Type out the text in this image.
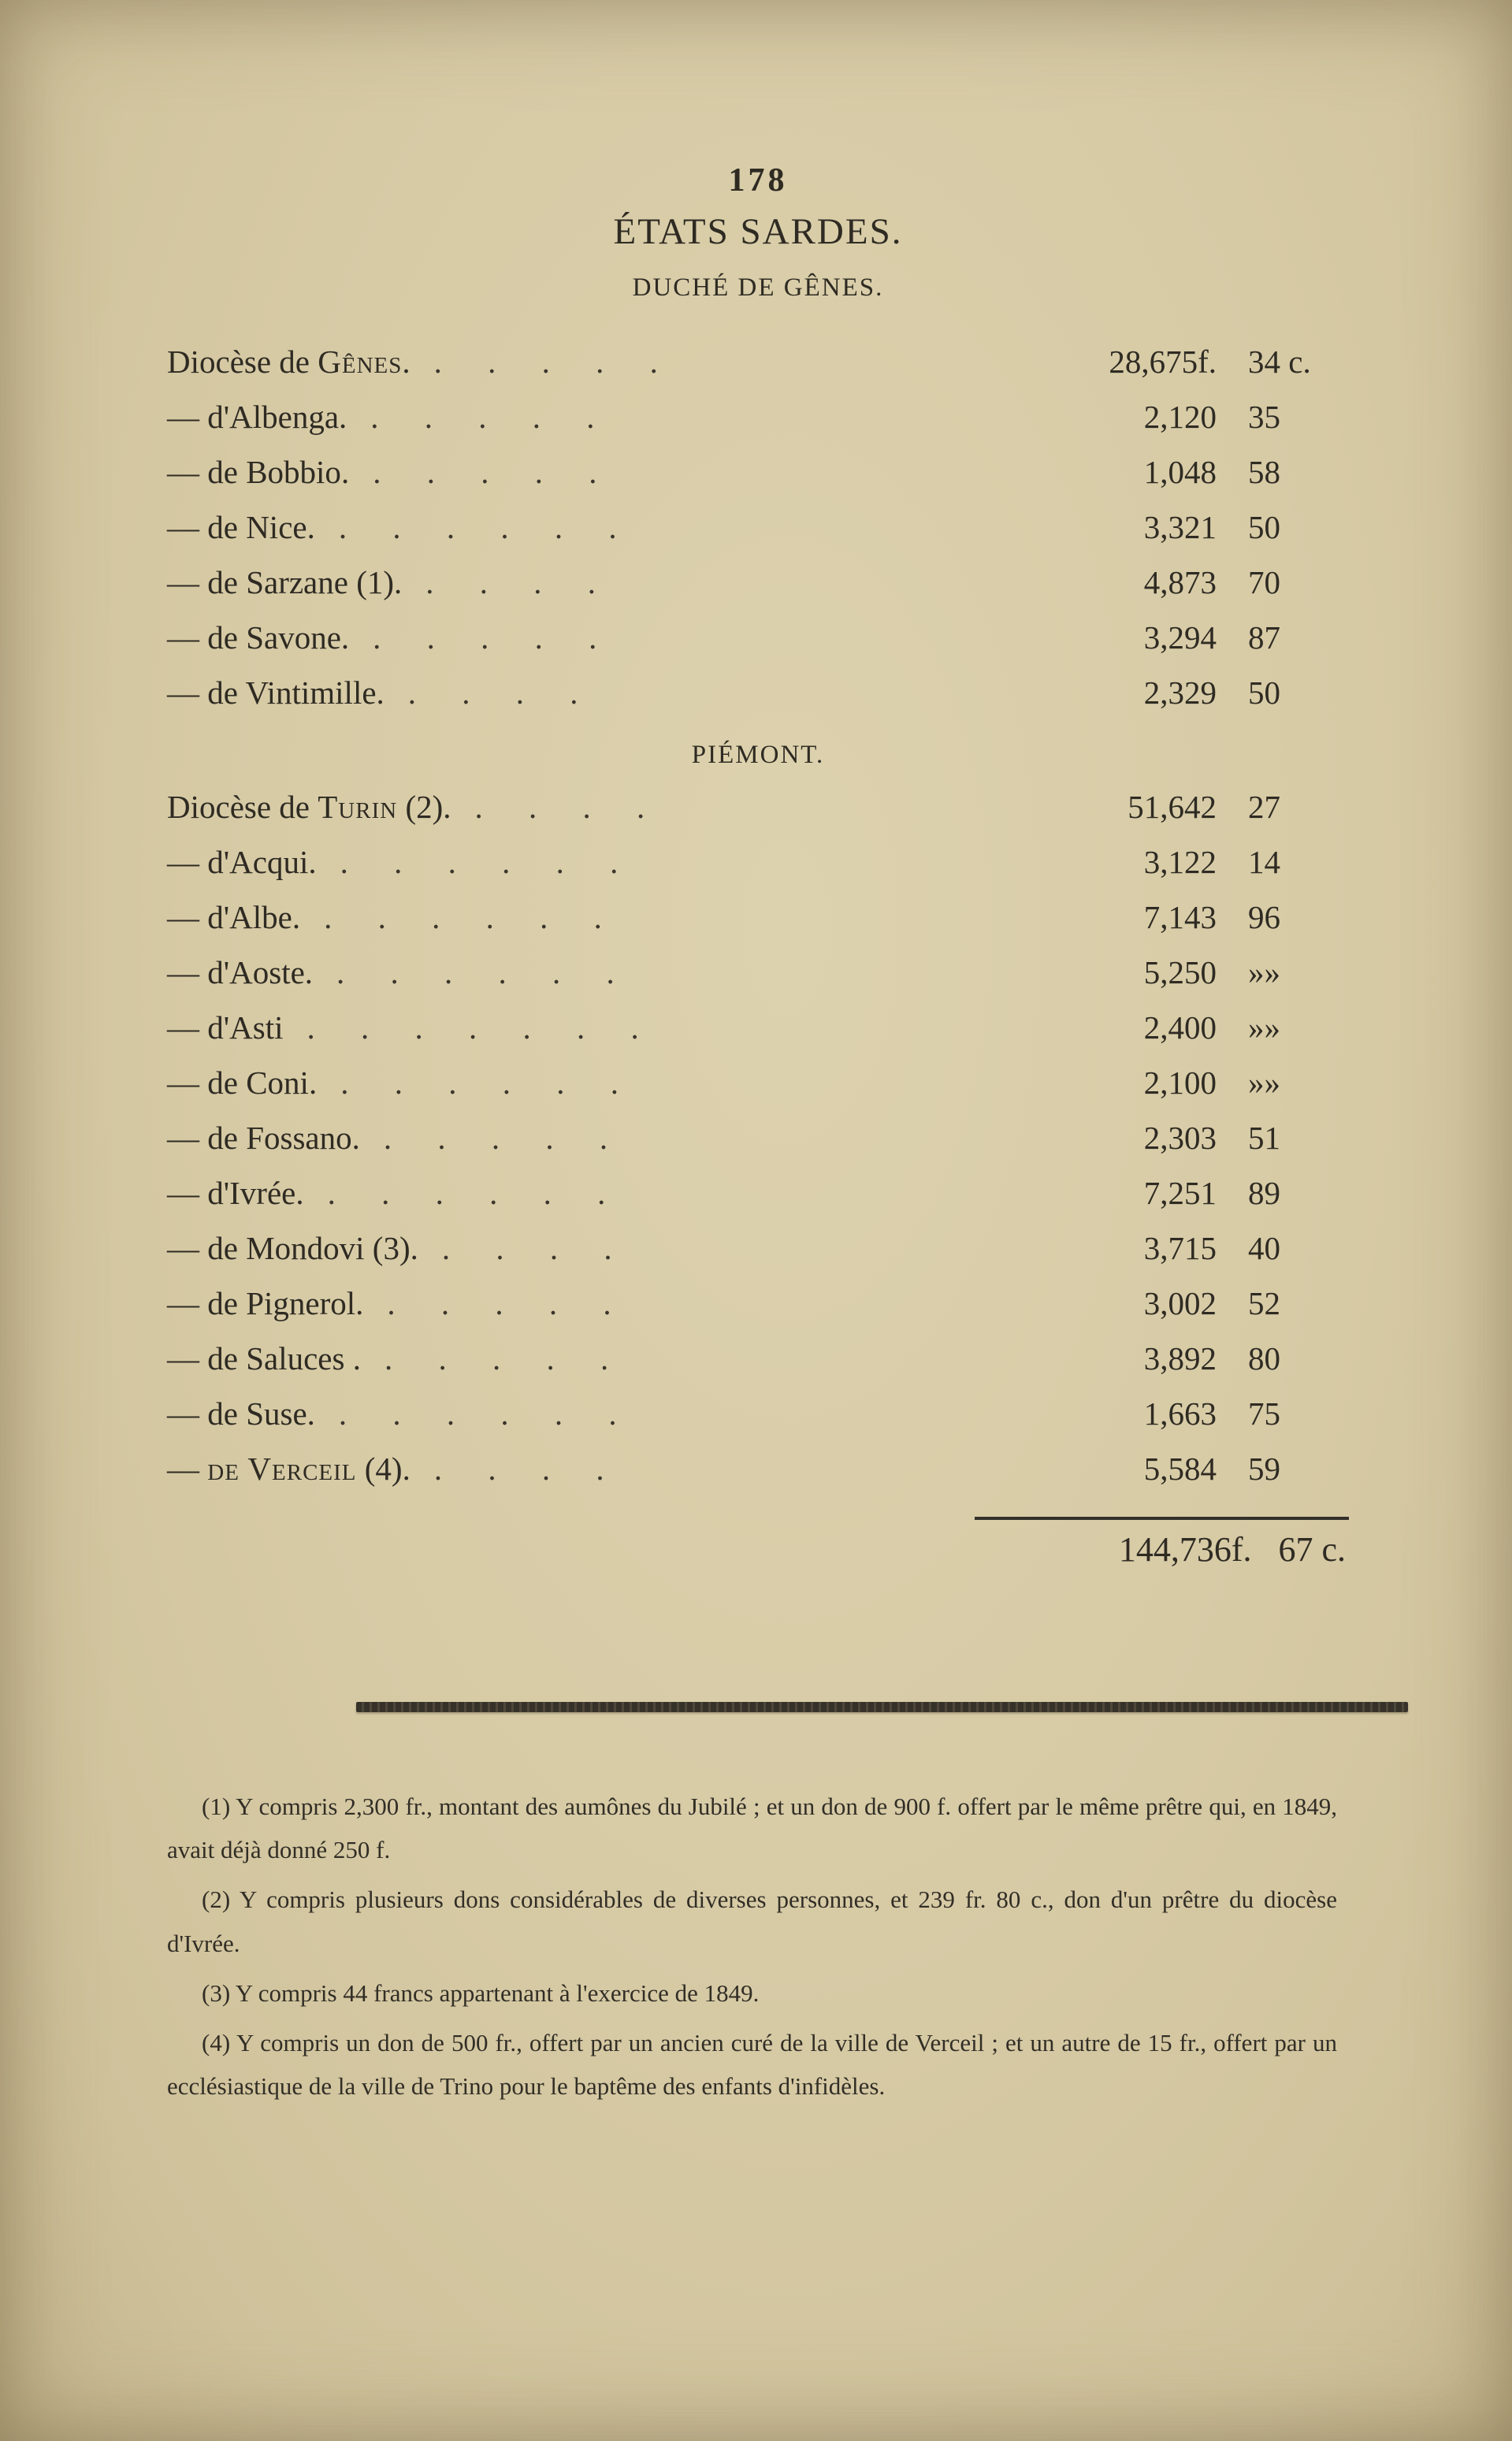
178
ÉTATS SARDES.
DUCHÉ DE GÊNES.
Diocèse de Gênes. . . . . .	28,675f. 34 c.
— d'Albenga. . . . . .	2,120 35
— de Bobbio. . . . . .	1,048 58
— de Nice. . . . . . .	3,321 50
— de Sarzane (1). . . . .	4,873 70
— de Savone. . . . . .	3,294 87
— de Vintimille. . . . .	2,329 50
PIÉMONT.
Diocèse de Turin (2). . . . .	51,642 27
— d'Acqui. . . . . . .	3,122 14
— d'Albe. . . . . . .	7,143 96
— d'Aoste. . . . . . .	5,250 »»
— d'Asti . . . . . . .	2,400 »»
— de Coni. . . . . . .	2,100 »»
— de Fossano. . . . . .	2,303 51
— d'Ivrée. . . . . . .	7,251 89
— de Mondovi (3). . . . .	3,715 40
— de Pignerol. . . . . .	3,002 52
— de Saluces . . . . . .	3,892 80
— de Suse. . . . . . .	1,663 75
— de Verceil (4). . . . .	5,584 59
144,736f. 67 c.

(1) Y compris 2,300 fr., montant des aumônes du Jubilé ; et un don de 900 f. offert par le même prêtre qui, en 1849, avait déjà donné 250 f.

(2) Y compris plusieurs dons considérables de diverses personnes, et 239 fr. 80 c., don d'un prêtre du diocèse d'Ivrée.

(3) Y compris 44 francs appartenant à l'exercice de 1849.

(4) Y compris un don de 500 fr., offert par un ancien curé de la ville de Verceil ; et un autre de 15 fr., offert par un ecclésiastique de la ville de Trino pour le baptême des enfants d'infidèles.
